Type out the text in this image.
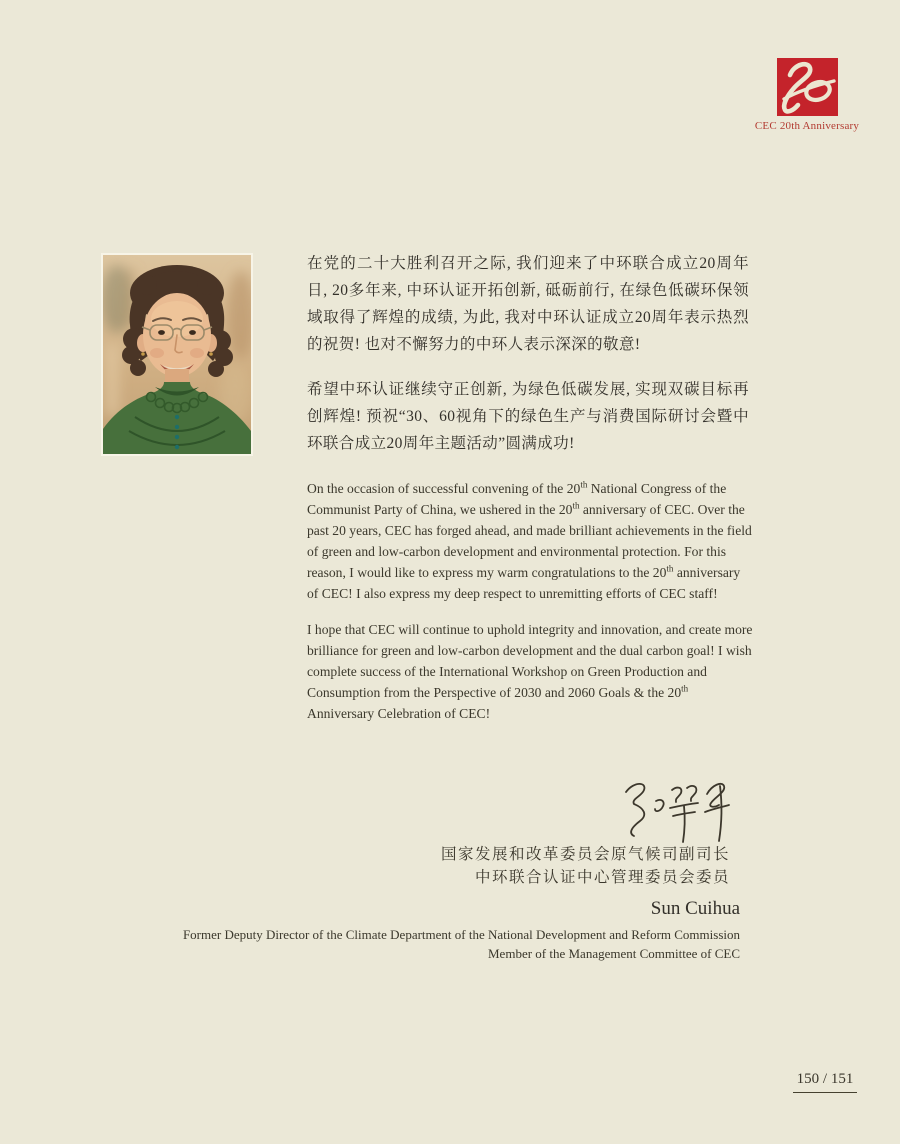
CEC 20th Anniversary

在党的二十大胜利召开之际, 我们迎来了中环联合成立20周年日, 20多年来, 中环认证开拓创新, 砥砺前行, 在绿色低碳环保领域取得了辉煌的成绩, 为此, 我对中环认证成立20周年表示热烈的祝贺! 也对不懈努力的中环人表示深深的敬意!

希望中环认证继续守正创新, 为绿色低碳发展, 实现双碳目标再创辉煌! 预祝“30、60视角下的绿色生产与消费国际研讨会暨中环联合成立20周年主题活动”圆满成功!

On the occasion of successful convening of the 20th National Congress of the Communist Party of China, we ushered in the 20th anniversary of CEC. Over the past 20 years, CEC has forged ahead, and made brilliant achievements in the field of green and low-carbon development and environmental protection. For this reason, I would like to express my warm congratulations to the 20th anniversary of CEC! I also express my deep respect to unremitting efforts of CEC staff!

I hope that CEC will continue to uphold integrity and innovation, and create more brilliance for green and low-carbon development and the dual carbon goal! I wish complete success of the International Workshop on Green Production and Consumption from the Perspective of 2030 and 2060 Goals & the 20th Anniversary Celebration of CEC!

国家发展和改革委员会原气候司副司长
中环联合认证中心管理委员会委员
Sun Cuihua
Former Deputy Director of the Climate Department of the National Development and Reform Commission
Member of the Management Committee of CEC
150 / 151
